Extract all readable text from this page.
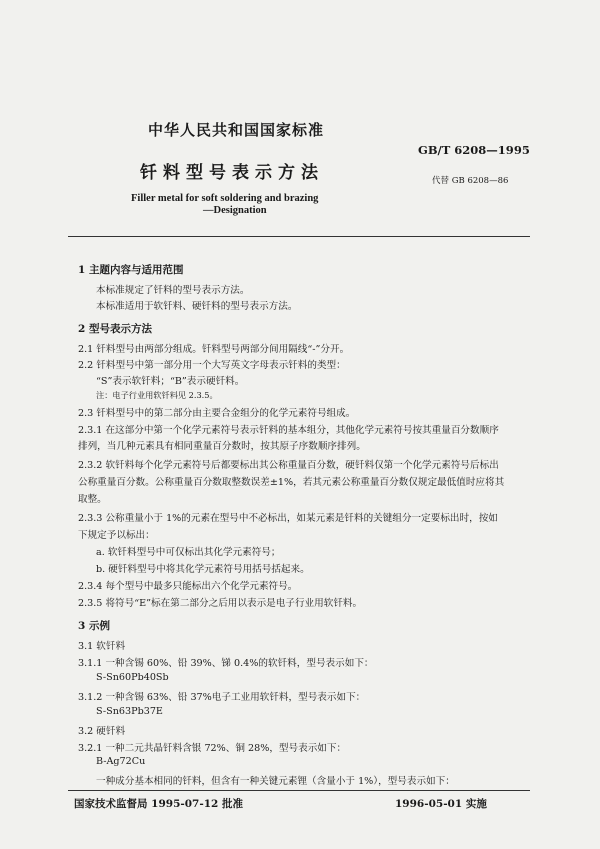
中华人民共和国国家标准
GB/T 6208—1995
钎料型号表示方法	代替 GB 6208—86
Filler metal for soft soldering and brazing
—Designation
1 主题内容与适用范围
本标准规定了钎料的型号表示方法。
本标准适用于软钎料、硬钎料的型号表示方法。
2 型号表示方法
2.1 钎料型号由两部分组成。钎料型号两部分间用隔线“-”分开。
2.2 钎料型号中第一部分用一个大写英文字母表示钎料的类型：
“S”表示软钎料；“B”表示硬钎料。
注：电子行业用软钎料见 2.3.5。
2.3 钎料型号中的第二部分由主要合金组分的化学元素符号组成。
2.3.1 在这部分中第一个化学元素符号表示钎料的基本组分，其他化学元素符号按其重量百分数顺序
排列，当几种元素具有相同重量百分数时，按其原子序数顺序排列。
2.3.2 软钎料每个化学元素符号后都要标出其公称重量百分数，硬钎料仅第一个化学元素符号后标出
公称重量百分数。公称重量百分数取整数误差±1%，若其元素公称重量百分数仅规定最低值时应将其
取整。
2.3.3 公称重量小于 1%的元素在型号中不必标出，如某元素是钎料的关键组分一定要标出时，按如
下规定予以标出：
a. 软钎料型号中可仅标出其化学元素符号；
b. 硬钎料型号中将其化学元素符号用括号括起来。
2.3.4 每个型号中最多只能标出六个化学元素符号。
2.3.5 将符号“E”标在第二部分之后用以表示是电子行业用软钎料。
3 示例
3.1 软钎料
3.1.1 一种含锡 60%、铅 39%、锑 0.4%的软钎料，型号表示如下：
S-Sn60Pb40Sb
3.1.2 一种含锡 63%、铅 37%电子工业用软钎料，型号表示如下：
S-Sn63Pb37E
3.2 硬钎料
3.2.1 一种二元共晶钎料含银 72%、铜 28%，型号表示如下：
B-Ag72Cu
一种成分基本相同的钎料，但含有一种关键元素锂（含量小于 1%），型号表示如下：
国家技术监督局 1995-07-12 批准	1996-05-01 实施
